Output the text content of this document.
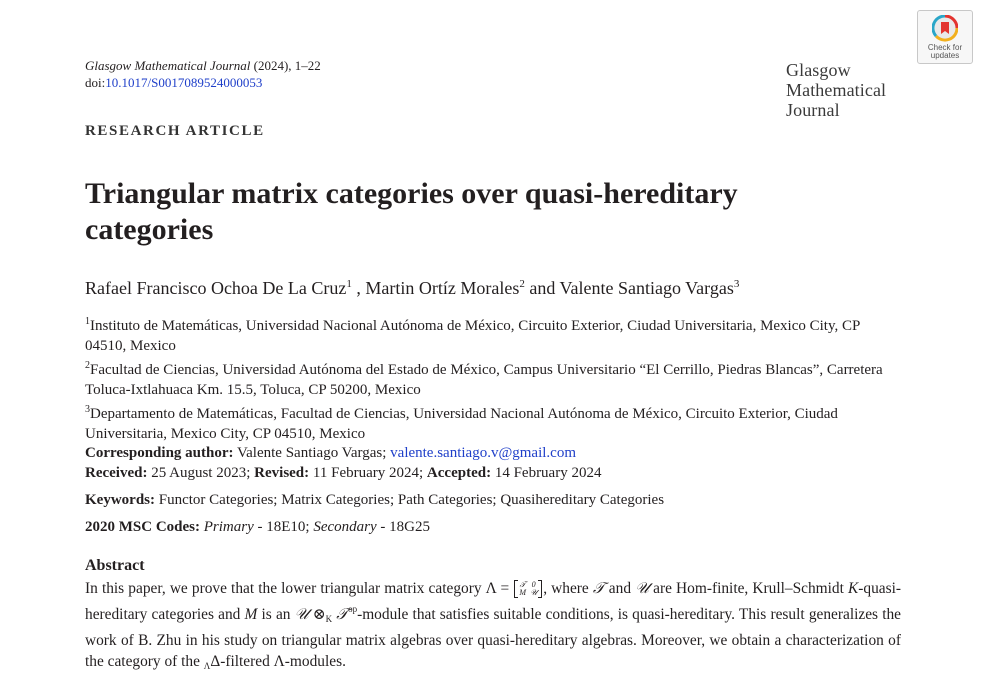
Glasgow Mathematical Journal (2024), 1–22
doi:10.1017/S0017089524000053
Glasgow
Mathematical
Journal
Check for
updates
RESEARCH ARTICLE
Triangular matrix categories over quasi-hereditary categories
Rafael Francisco Ochoa De La Cruz$^1$ , Martin Ortíz Morales$^2$ and Valente Santiago Vargas$^3$

$^1$Instituto de Matemáticas, Universidad Nacional Autónoma de México, Circuito Exterior, Ciudad Universitaria, Mexico City, CP 04510, Mexico

$^2$Facultad de Ciencias, Universidad Autónoma del Estado de México, Campus Universitario “El Cerrillo, Piedras Blancas”, Carretera Toluca-Ixtlahuaca Km. 15.5, Toluca, CP 50200, Mexico

$^3$Departamento de Matemáticas, Facultad de Ciencias, Universidad Nacional Autónoma de México, Circuito Exterior, Ciudad Universitaria, Mexico City, CP 04510, Mexico

Corresponding author: Valente Santiago Vargas; valente.santiago.v@gmail.com

Received: 25 August 2023; Revised: 11 February 2024; Accepted: 14 February 2024
Keywords: Functor Categories; Matrix Categories; Path Categories; Quasihereditary Categories
2020 MSC Codes: Primary - 18E10; Secondary - 18G25
Abstract
In this paper, we prove that the lower triangular matrix category Λ = 𝒯	0
M	𝒰 , where 𝒯 and 𝒰 are Hom-finite, Krull–Schmidt K-quasi-hereditary categories and M is an 𝒰 $\otimes_K$ 𝒯$^{op}$-module that satisfies suitable conditions, is quasi-hereditary. This result generalizes the work of B. Zhu in his study on triangular matrix algebras over quasi-hereditary algebras. Moreover, we obtain a characterization of the category of the $_\Lambda$Δ-filtered Λ-modules.
